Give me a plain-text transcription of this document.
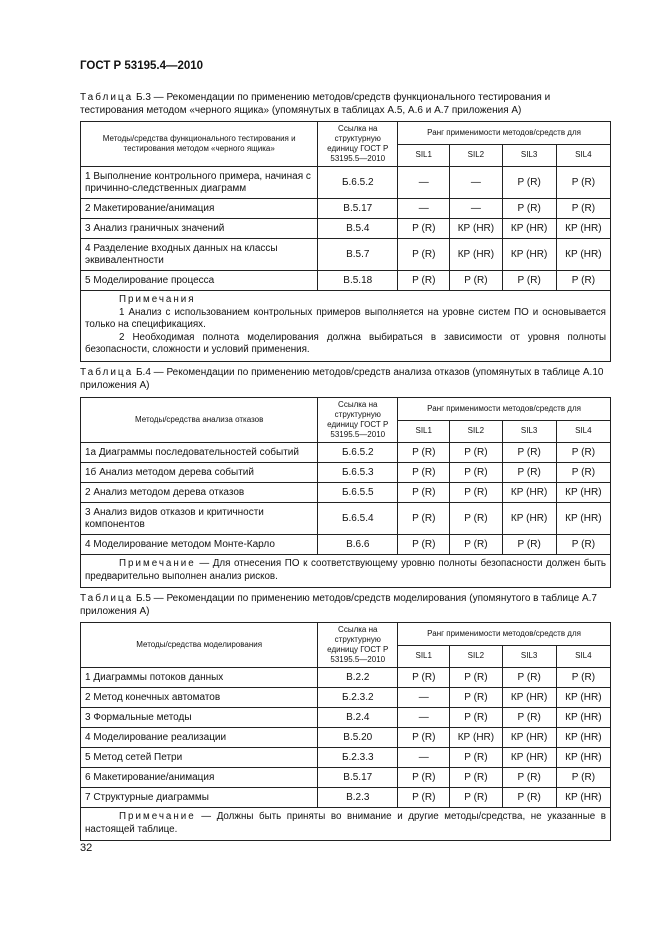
ГОСТ Р 53195.4—2010
Таблица Б.3 — Рекомендации по применению методов/средств функционального тестирования и тестирования методом «черного ящика» (упомянутых в таблицах А.5, А.6 и А.7 приложения А)
Методы/средства функционального тестирования и тестирования методом «черного ящика»	Ссылка на структурную единицу ГОСТ Р 53195.5—2010	Ранг применимости методов/средств для			
		SIL1	SIL2	SIL3	SIL4
1 Выполнение контрольного примера, начиная с причинно-следственных диаграмм	Б.6.5.2	—	—	Р (R)	Р (R)
2 Макетирование/анимация	В.5.17	—	—	Р (R)	Р (R)
3 Анализ граничных значений	В.5.4	Р (R)	КР (HR)	КР (HR)	КР (HR)
4 Разделение входных данных на классы эквивалентности	В.5.7	Р (R)	КР (HR)	КР (HR)	КР (HR)
5 Моделирование процесса	В.5.18	Р (R)	Р (R)	Р (R)	Р (R)

Примечания
1 Анализ с использованием контрольных примеров выполняется на уровне систем ПО и основывается только на спецификациях.
2 Необходимая полнота моделирования должна выбираться в зависимости от уровня полноты безопасности, сложности и условий применения.					
Таблица Б.4 — Рекомендации по применению методов/средств анализа отказов (упомянутых в таблице А.10 приложения А)
Методы/средства анализа отказов	Ссылка на структурную единицу ГОСТ Р 53195.5—2010	Ранг применимости методов/средств для			
		SIL1	SIL2	SIL3	SIL4
1а Диаграммы последовательностей событий	Б.6.5.2	Р (R)	Р (R)	Р (R)	Р (R)
1б Анализ методом дерева событий	Б.6.5.3	Р (R)	Р (R)	Р (R)	Р (R)
2 Анализ методом дерева отказов	Б.6.5.5	Р (R)	Р (R)	КР (HR)	КР (HR)
3 Анализ видов отказов и критичности компонентов	Б.6.5.4	Р (R)	Р (R)	КР (HR)	КР (HR)
4 Моделирование методом Монте-Карло	В.6.6	Р (R)	Р (R)	Р (R)	Р (R)

Примечание — Для отнесения ПО к соответствующему уровню полноты безопасности должен быть предварительно выполнен анализ рисков.					
Таблица Б.5 — Рекомендации по применению методов/средств моделирования (упомянутого в таблице А.7 приложения А)
Методы/средства моделирования	Ссылка на структурную единицу ГОСТ Р 53195.5—2010	Ранг применимости методов/средств для			
		SIL1	SIL2	SIL3	SIL4
1 Диаграммы потоков данных	В.2.2	Р (R)	Р (R)	Р (R)	Р (R)
2 Метод конечных автоматов	Б.2.3.2	—	Р (R)	КР (HR)	КР (HR)
3 Формальные методы	В.2.4	—	Р (R)	Р (R)	КР (HR)
4 Моделирование реализации	В.5.20	Р (R)	КР (HR)	КР (HR)	КР (HR)
5 Метод сетей Петри	Б.2.3.3	—	Р (R)	КР (HR)	КР (HR)
6 Макетирование/анимация	В.5.17	Р (R)	Р (R)	Р (R)	Р (R)
7 Структурные диаграммы	В.2.3	Р (R)	Р (R)	Р (R)	КР (HR)

Примечание — Должны быть приняты во внимание и другие методы/средства, не указанные в настоящей таблице.					
32
